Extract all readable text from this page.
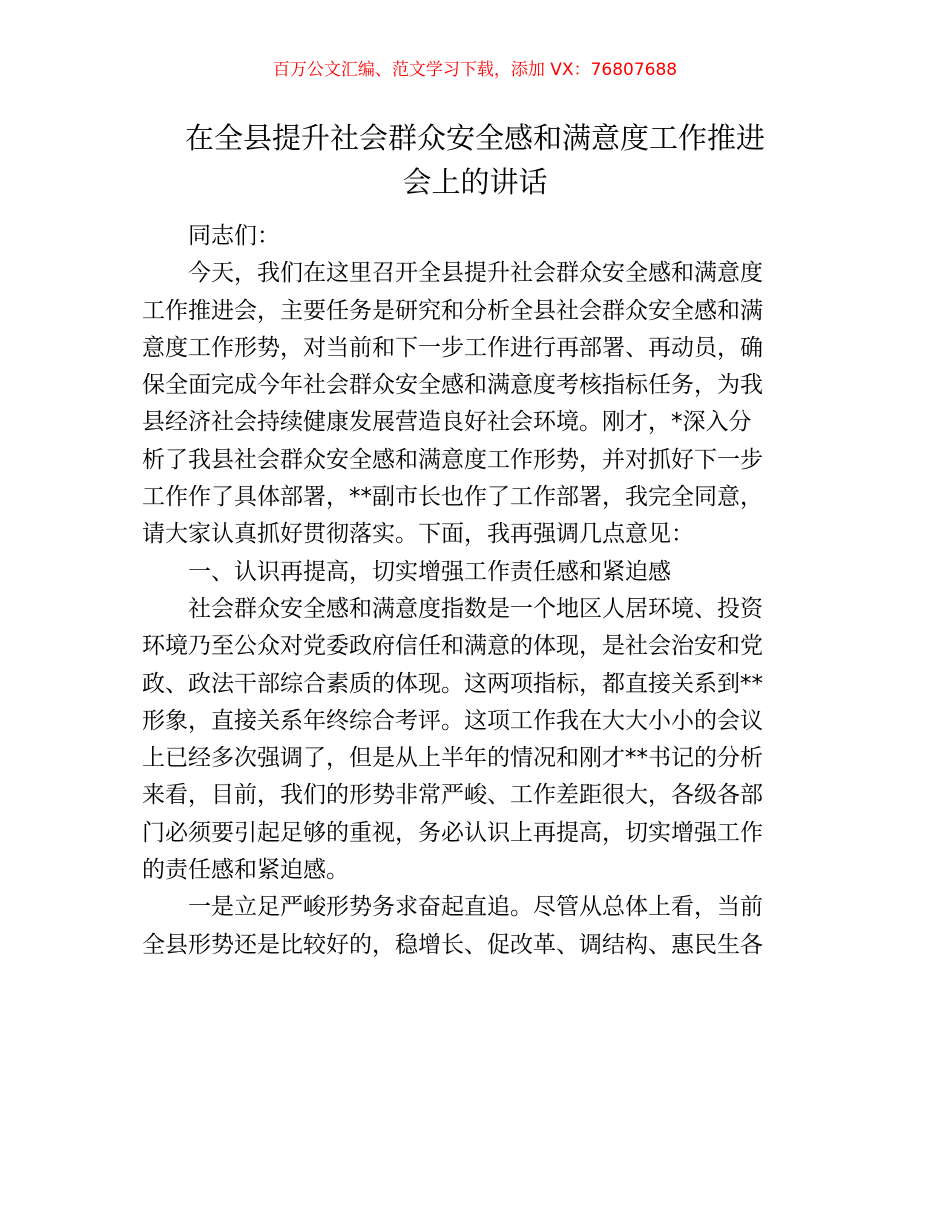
百万公文汇编、范文学习下载，添加 VX：76807688
在全县提升社会群众安全感和满意度工作推进
会上的讲话

同志们：

今天，我们在这里召开全县提升社会群众安全感和满意度
工作推进会，主要任务是研究和分析全县社会群众安全感和满
意度工作形势，对当前和下一步工作进行再部署、再动员，确
保全面完成今年社会群众安全感和满意度考核指标任务，为我
县经济社会持续健康发展营造良好社会环境。刚才，*深入分
析了我县社会群众安全感和满意度工作形势，并对抓好下一步
工作作了具体部署，**副市长也作了工作部署，我完全同意，
请大家认真抓好贯彻落实。下面，我再强调几点意见：

一、认识再提高，切实增强工作责任感和紧迫感

社会群众安全感和满意度指数是一个地区人居环境、投资
环境乃至公众对党委政府信任和满意的体现，是社会治安和党
政、政法干部综合素质的体现。这两项指标，都直接关系到**
形象，直接关系年终综合考评。这项工作我在大大小小的会议
上已经多次强调了，但是从上半年的情况和刚才**书记的分析
来看，目前，我们的形势非常严峻、工作差距很大，各级各部
门必须要引起足够的重视，务必认识上再提高，切实增强工作
的责任感和紧迫感。

一是立足严峻形势务求奋起直追。尽管从总体上看，当前
全县形势还是比较好的，稳增长、促改革、调结构、惠民生各
